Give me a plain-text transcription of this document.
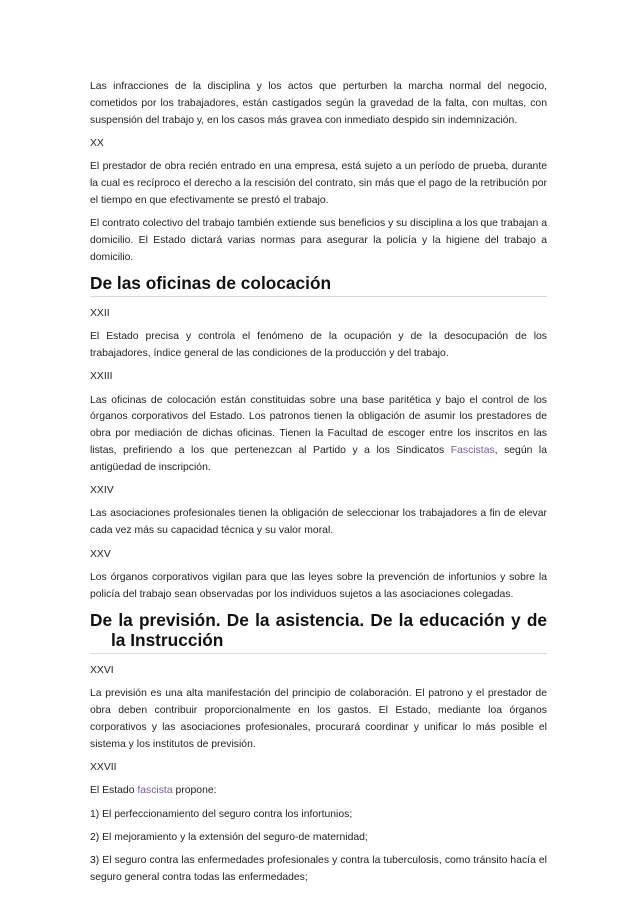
Las infracciones de la disciplina y los actos que perturben la marcha normal del negocio, cometidos por los trabajadores, están castigados según la gravedad de la falta, con multas, con suspensión del trabajo y, en los casos más gravea con inmediato despido sin indemnización.

XX

El prestador de obra recién entrado en una empresa, está sujeto a un período de prueba, durante la cual es recíproco el derecho a la rescisión del contrato, sin más que el pago de la retribución por el tiempo en que efectivamente se prestó el trabajo.

El contrato colectivo del trabajo también extiende sus beneficios y su disciplina a los que trabajan a domicilio. El Estado dictará varias normas para asegurar la policía y la higiene del trabajo a domicilio.

De las oficinas de colocación

XXII

El Estado precisa y controla el fenómeno de la ocupación y de la desocupación de los trabajadores, índice general de las condiciones de la producción y del trabajo.

XXIII

Las oficinas de colocación están constituidas sobre una base paritética y bajo el control de los órganos corporativos del Estado. Los patronos tienen la obligación de asumir los prestadores de obra por mediación de dichas oficinas. Tienen la Facultad de escoger entre los inscritos en las listas, prefiriendo a los que pertenezcan al Partido y a los Sindicatos Fascistas, según la antigüedad de inscripción.

XXIV

Las asociaciones profesionales tienen la obligación de seleccionar los trabajadores a fin de elevar cada vez más su capacidad técnica y su valor moral.

XXV

Los órganos corporativos vigilan para que las leyes sobre la prevención de infortunios y sobre la policía del trabajo sean observadas por los individuos sujetos a las asociaciones colegadas.

De la previsión. De la asistencia. De la educación y de la Instrucción

XXVI

La previsión es una alta manifestación del principio de colaboración. El patrono y el prestador de obra deben contribuir proporcionalmente en los gastos. El Estado, mediante loa órganos corporativos y las asociaciones profesionales, procurará coordinar y unificar lo más posible el sistema y los institutos de previsión.

XXVII

El Estado fascista propone:

1) El perfeccionamiento del seguro contra los infortunios;

2) El mejoramiento y la extensión del seguro-de maternidad;

3) El seguro contra las enfermedades profesionales y contra la tuberculosis, como tránsito hacía el seguro general contra todas las enfermedades;
